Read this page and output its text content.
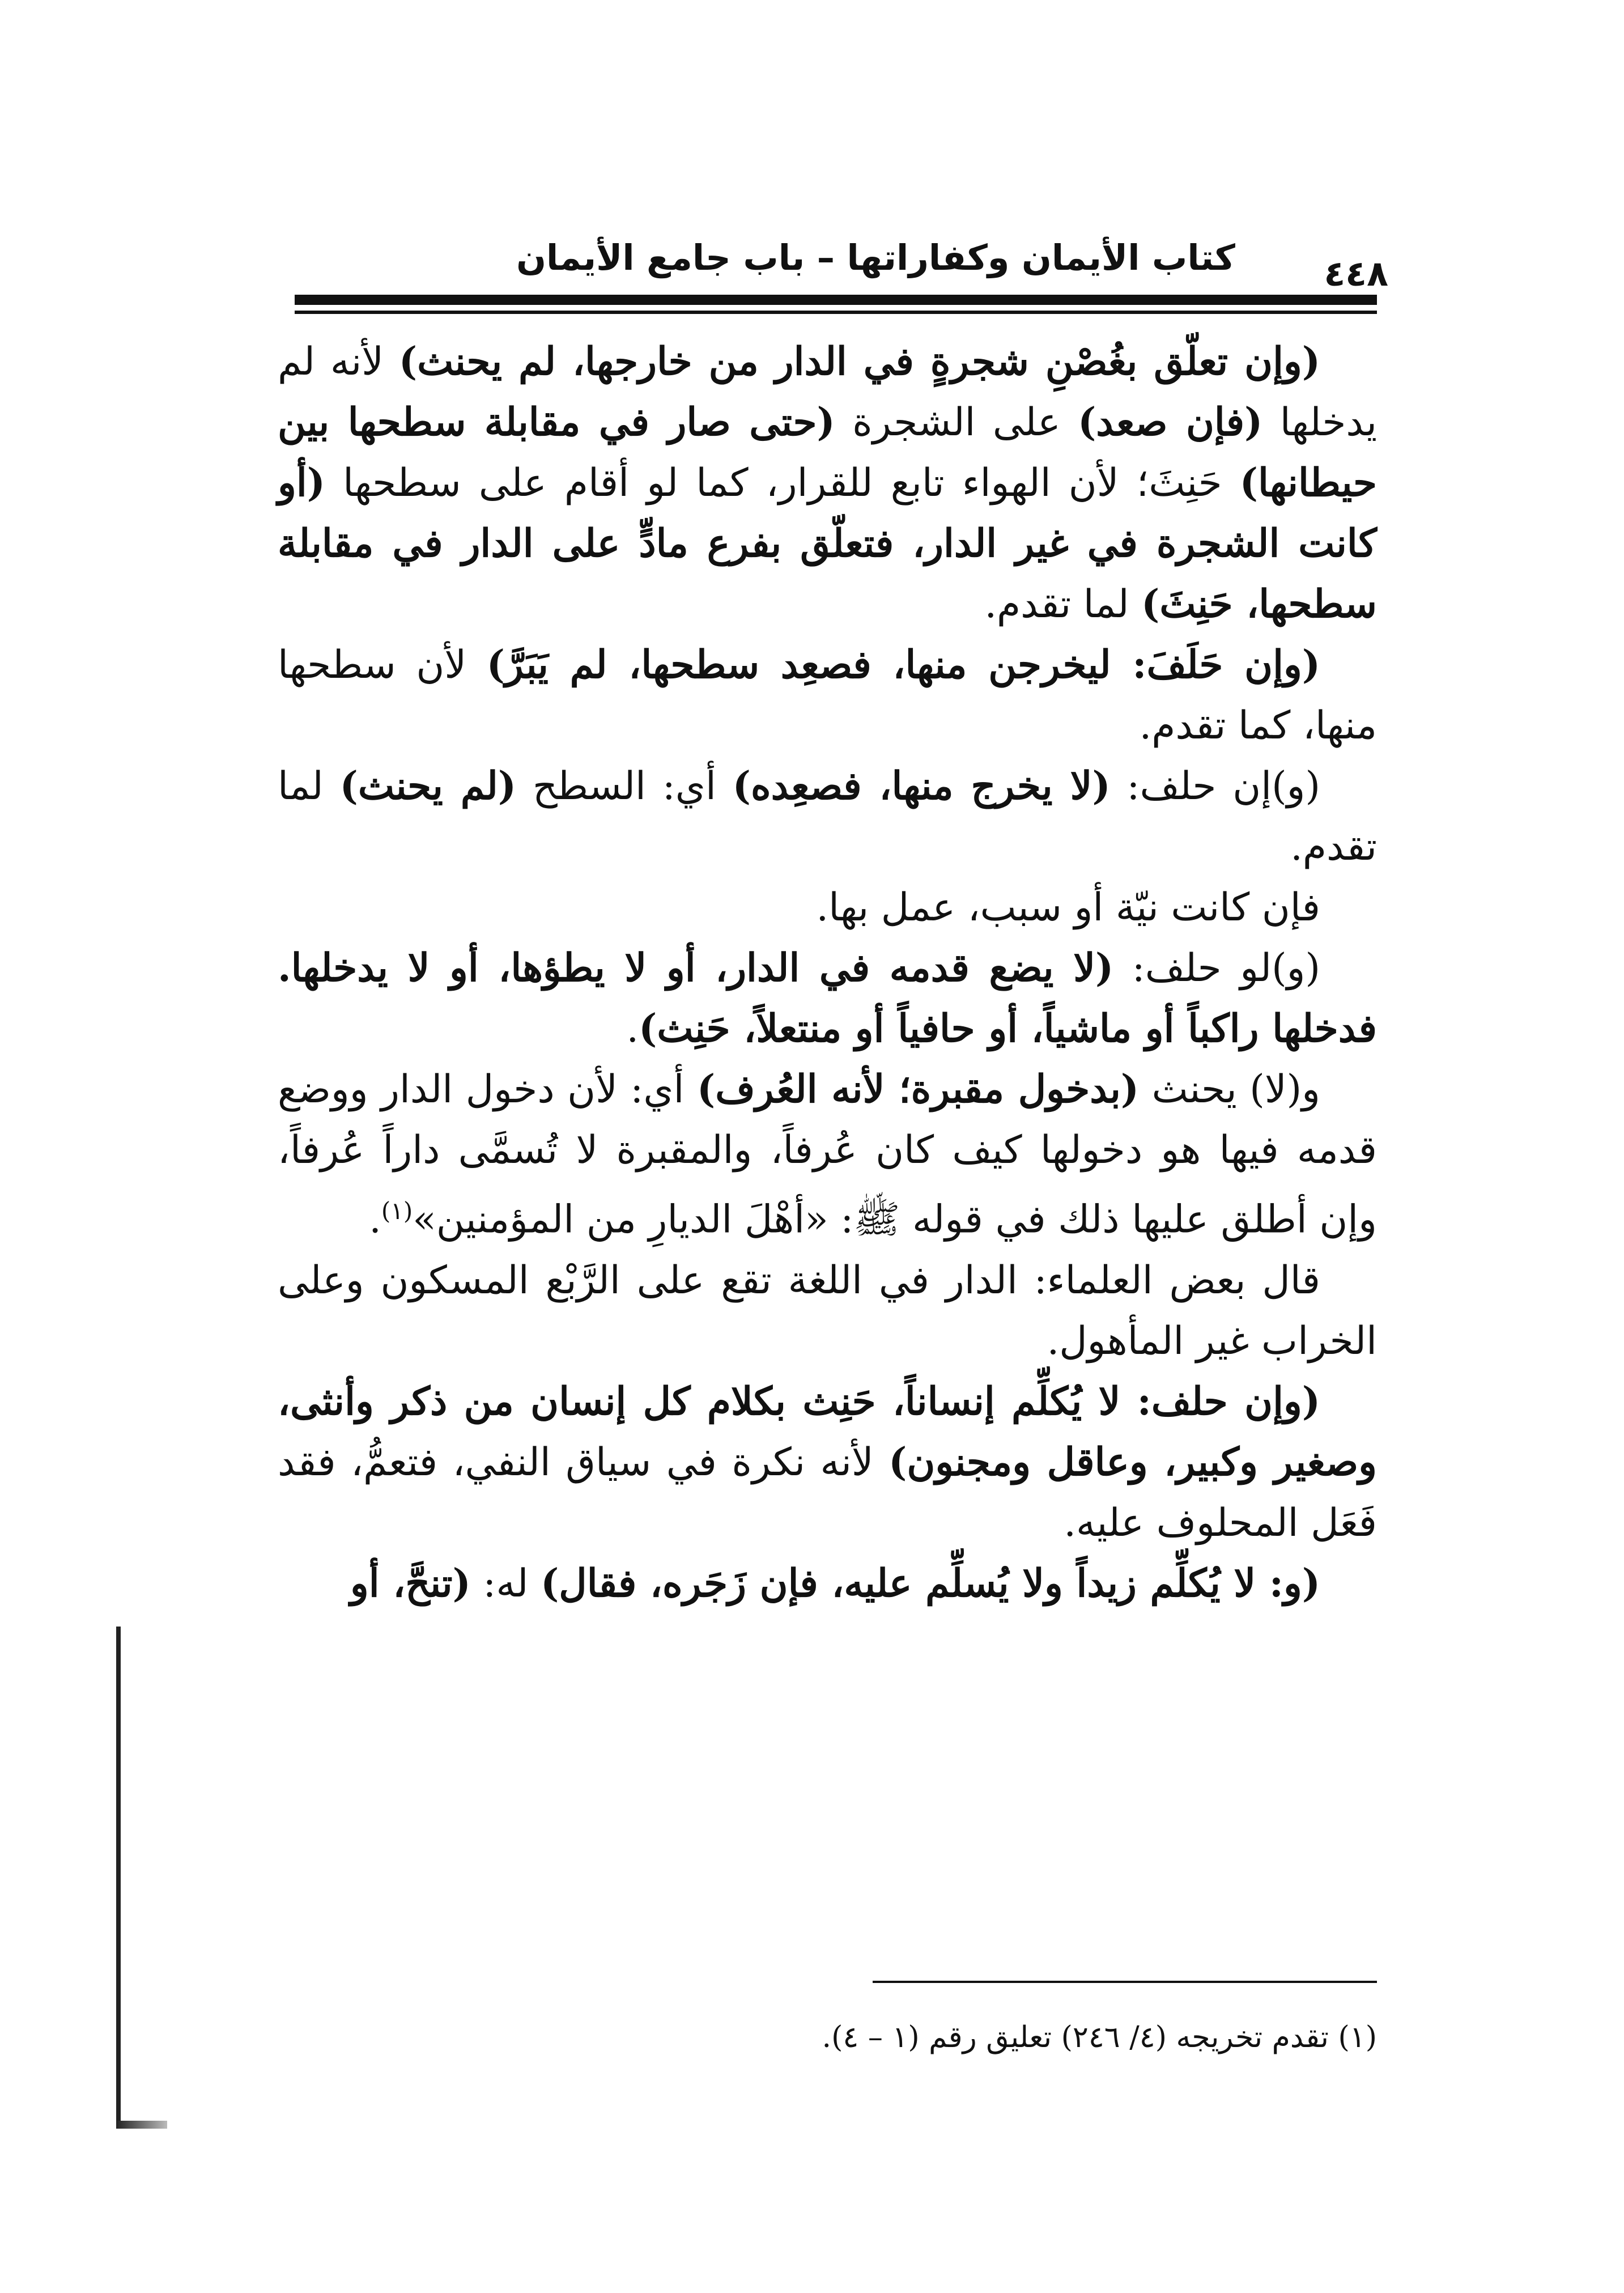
كتاب الأيمان وكفاراتها – باب جامع الأيمان	٤٤٨

(وإن تعلّق بغُصْنِ شجرةٍ في الدار من خارجها، لم يحنث) لأنه لم يدخلها (فإن صعد) على الشجرة (حتى صار في مقابلة سطحها بين حيطانها) حَنِثَ؛ لأن الهواء تابع للقرار، كما لو أقام على سطحها (أو كانت الشجرة في غير الدار، فتعلّق بفرع مادٍّ على الدار في مقابلة سطحها، حَنِثَ) لما تقدم.

(وإن حَلَفَ: ليخرجن منها، فصعِد سطحها، لم يَبَرَّ) لأن سطحها منها، كما تقدم.

(و)إن حلف: (لا يخرج منها، فصعِده) أي: السطح (لم يحنث) لما تقدم.

فإن كانت نيّة أو سبب، عمل بها.

(و)لو حلف: (لا يضع قدمه في الدار، أو لا يطؤها، أو لا يدخلها. فدخلها راكباً أو ماشياً، أو حافياً أو منتعلاً، حَنِث).

و(لا) يحنث (بدخول مقبرة؛ لأنه العُرف) أي: لأن دخول الدار ووضع قدمه فيها هو دخولها كيف كان عُرفاً، والمقبرة لا تُسمَّى داراً عُرفاً، وإن أطلق عليها ذلك في قوله ﷺ: «أهْلَ الديارِ من المؤمنين»$^{(١)}$.

قال بعض العلماء: الدار في اللغة تقع على الرَّبْع المسكون وعلى الخراب غير المأهول.

(وإن حلف: لا يُكلِّم إنساناً، حَنِث بكلام كل إنسان من ذكر وأنثى، وصغير وكبير، وعاقل ومجنون) لأنه نكرة في سياق النفي، فتعمُّ، فقد فَعَل المحلوف عليه.

(و: لا يُكلِّم زيداً ولا يُسلِّم عليه، فإن زَجَره، فقال) له: (تنحَّ، أو

(١) تقدم تخريجه (٤/ ٢٤٦) تعليق رقم (١ – ٤).
